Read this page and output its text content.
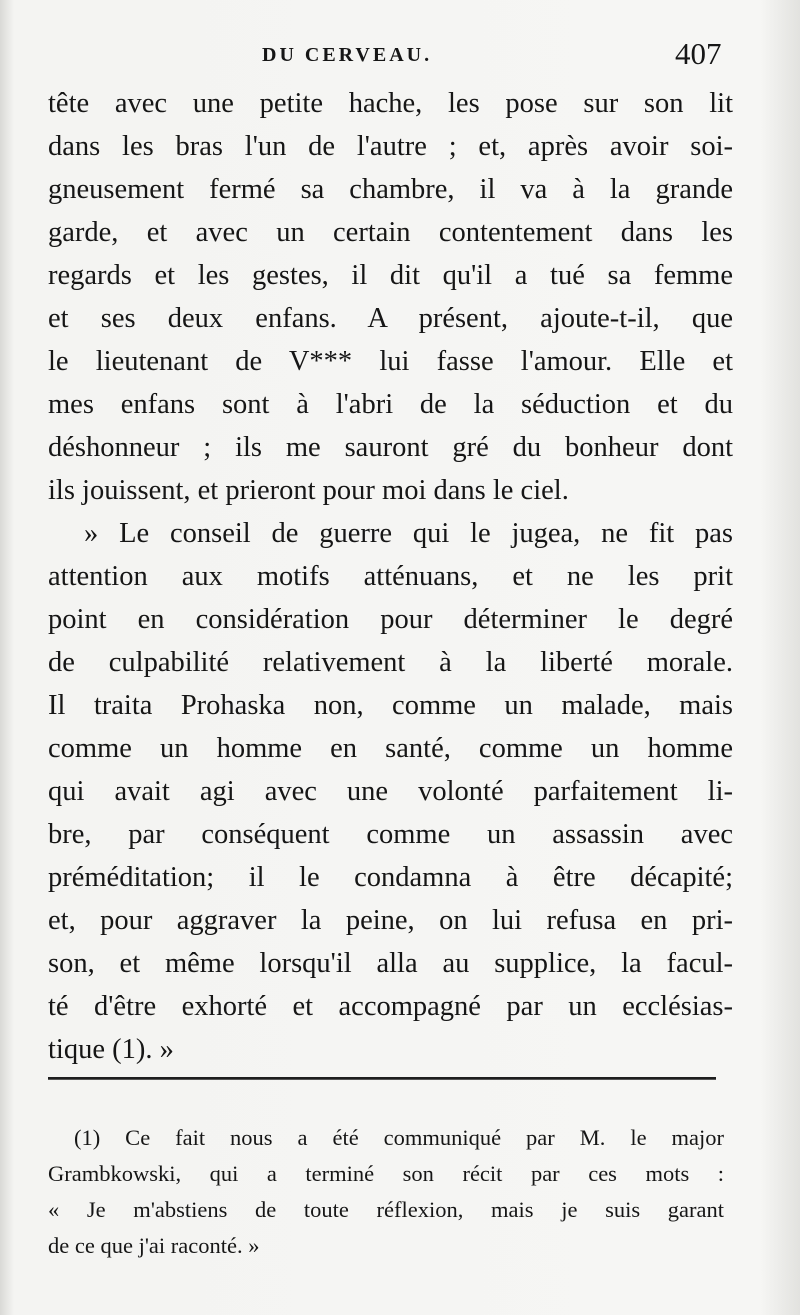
DU CERVEAU.	407
tête avec une petite hache, les pose sur son lit
dans les bras l'un de l'autre ; et, après avoir soi-
gneusement fermé sa chambre, il va à la grande
garde, et avec un certain contentement dans les
regards et les gestes, il dit qu'il a tué sa femme
et ses deux enfans. A présent, ajoute-t-il, que
le lieutenant de V*** lui fasse l'amour. Elle et
mes enfans sont à l'abri de la séduction et du
déshonneur ; ils me sauront gré du bonheur dont
ils jouissent, et prieront pour moi dans le ciel.
» Le conseil de guerre qui le jugea, ne fit pas
attention aux motifs atténuans, et ne les prit
point en considération pour déterminer le degré
de culpabilité relativement à la liberté morale.
Il traita Prohaska non, comme un malade, mais
comme un homme en santé, comme un homme
qui avait agi avec une volonté parfaitement li-
bre, par conséquent comme un assassin avec
préméditation; il le condamna à être décapité;
et, pour aggraver la peine, on lui refusa en pri-
son, et même lorsqu'il alla au supplice, la facul-
té d'être exhorté et accompagné par un ecclésias-
tique (1). »
(1) Ce fait nous a été communiqué par M. le major
Grambkowski, qui a terminé son récit par ces mots :
« Je m'abstiens de toute réflexion, mais je suis garant
de ce que j'ai raconté. »
